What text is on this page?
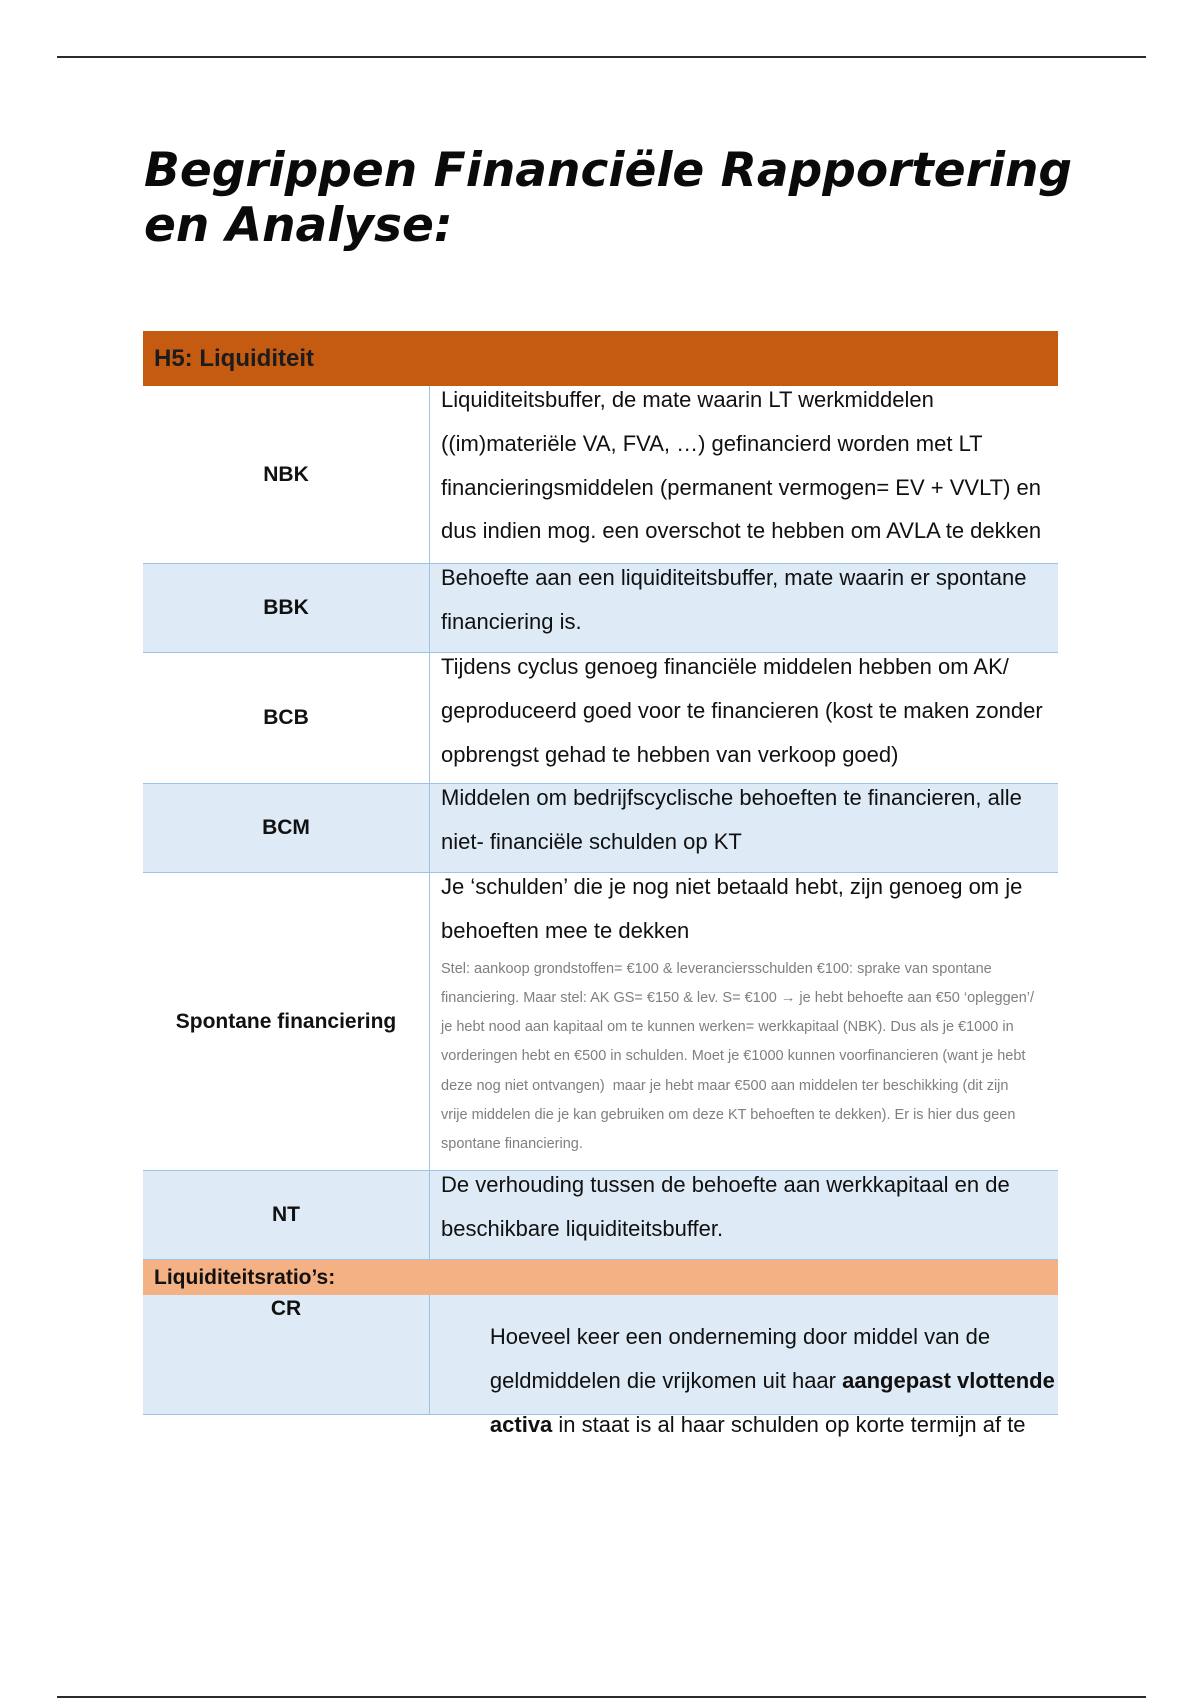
Begrippen Financiële Rapportering en Analyse:
H5: Liquiditeit
NBK
Liquiditeitsbuffer, de mate waarin LT werkmiddelen
((im)materiële VA, FVA, …) gefinancierd worden met LT
financieringsmiddelen (permanent vermogen= EV + VVLT) en
dus indien mog. een overschot te hebben om AVLA te dekken
BBK
Behoefte aan een liquiditeitsbuffer, mate waarin er spontane
financiering is.
BCB
Tijdens cyclus genoeg financiële middelen hebben om AK/
geproduceerd goed voor te financieren (kost te maken zonder
opbrengst gehad te hebben van verkoop goed)
BCM
Middelen om bedrijfscyclische behoeften te financieren, alle
niet- financiële schulden op KT
Spontane financiering
Je ‘schulden’ die je nog niet betaald hebt, zijn genoeg om je
behoeften mee te dekken
Stel: aankoop grondstoffen= €100 & leveranciersschulden €100: sprake van spontane
financiering. Maar stel: AK GS= €150 & lev. S= €100 → je hebt behoefte aan €50 ‘opleggen’/
je hebt nood aan kapitaal om te kunnen werken= werkkapitaal (NBK). Dus als je €1000 in
vorderingen hebt en €500 in schulden. Moet je €1000 kunnen voorfinancieren (want je hebt
deze nog niet ontvangen)  maar je hebt maar €500 aan middelen ter beschikking (dit zijn
vrije middelen die je kan gebruiken om deze KT behoeften te dekken). Er is hier dus geen
spontane financiering.
NT
De verhouding tussen de behoefte aan werkkapitaal en de
beschikbare liquiditeitsbuffer.
Liquiditeitsratio’s:
CR

Hoeveel keer een onderneming door middel van de

geldmiddelen die vrijkomen uit haar aangepast vlottende

activa in staat is al haar schulden op korte termijn af te
